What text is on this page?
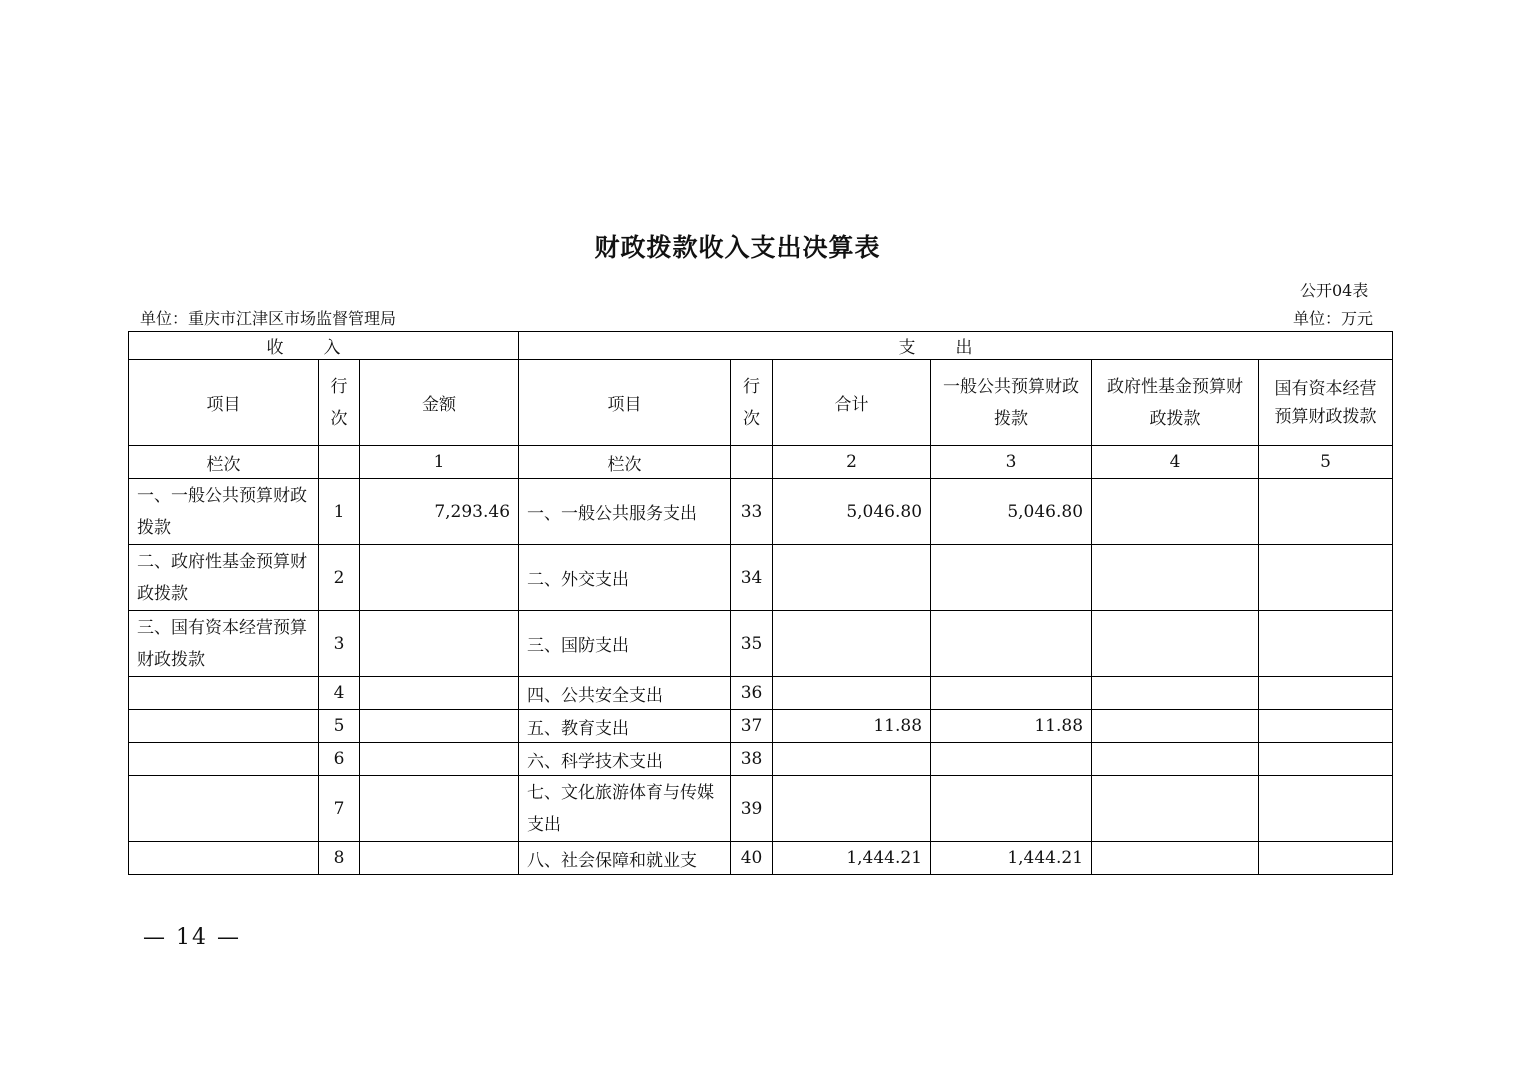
财政拨款收入支出决算表
公开04表
单位：重庆市江津区市场监督管理局	单位：万元
收入			支出					
项目	行次	金额	项目	行次	合计	一般公共预算财政拨款	政府性基金预算财政拨款	国有资本经营预算财政拨款
栏次		1	栏次		2	3	4	5
一、一般公共预算财政拨款	1	7,293.46	一、一般公共服务支出	33	5,046.80	5,046.80		
二、政府性基金预算财政拨款	2		二、外交支出	34				
三、国有资本经营预算财政拨款	3		三、国防支出	35				
	4		四、公共安全支出	36				
	5		五、教育支出	37	11.88	11.88		
	6		六、科学技术支出	38				
	7		七、文化旅游体育与传媒支出	39				
	8		八、社会保障和就业支	40	1,444.21	1,444.21		
— 14 —
